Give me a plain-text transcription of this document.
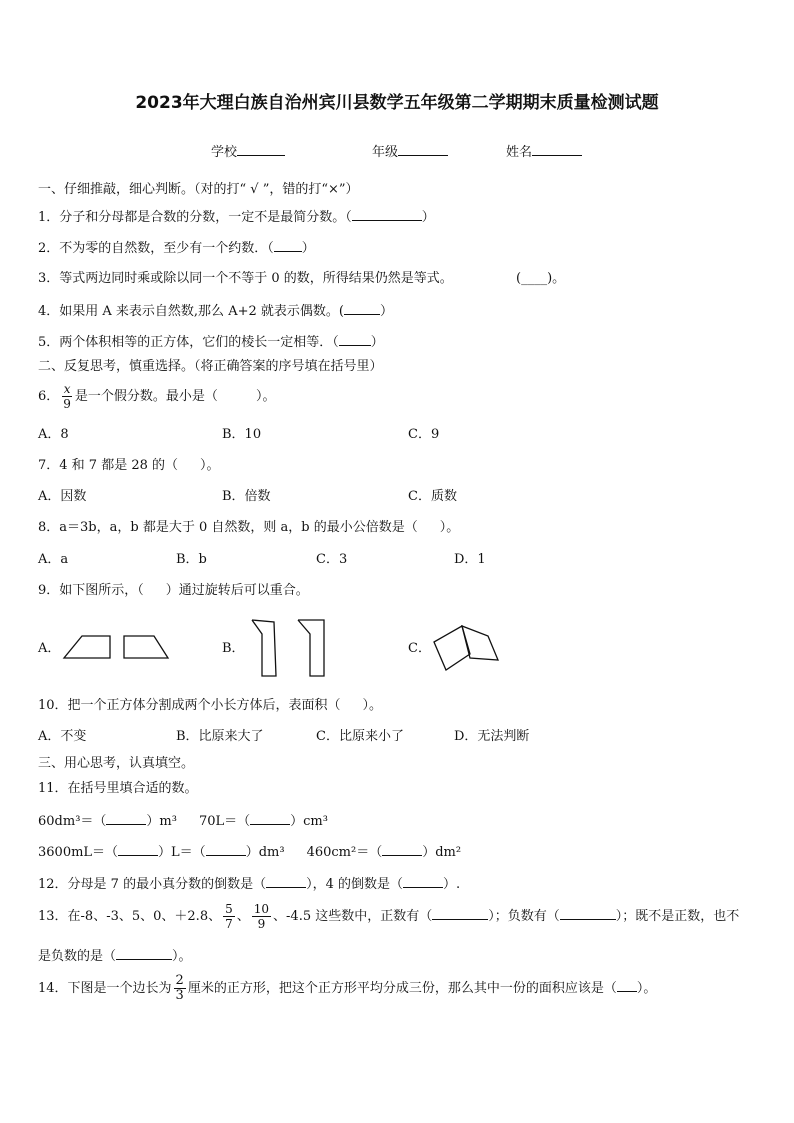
2023年大理白族自治州宾川县数学五年级第二学期期末质量检测试题
学校	年级	姓名
一、仔细推敲，细心判断。（对的打“ √ ”，错的打“×”）
1．分子和分母都是合数的分数，一定不是最简分数。（	）
2．不为零的自然数，至少有一个约数．（ ）
3．等式两边同时乘或除以同一个不等于 0 的数，所得结果仍然是等式。	(____)。
4．如果用 A 来表示自然数,那么 A+2 就表示偶数。(	）
5．两个体积相等的正方体，它们的棱长一定相等．（ ）
二、反复思考，慎重选择。（将正确答案的序号填在括号里）
6． $\frac{x}{9}$ 是一个假分数。最小是（	）。
A．8	B．10	C．9
7．4 和 7 都是 28 的（ ）。
A．因数	B．倍数	C．质数
8．a＝3b，a，b 都是大于 0 自然数，则 a，b 的最小公倍数是（ ）。
A．a	B．b	C．3	D．1
9．如下图所示，（ ）通过旋转后可以重合。
A．	B．	C．
10．把一个正方体分割成两个小长方体后，表面积（ ）。
A．不变	B．比原来大了	C．比原来小了	D．无法判断
三、用心思考，认真填空。
11．在括号里填合适的数。
60dm³＝（	）m³ 70L＝（	）cm³
3600mL＝（	）L＝（	）dm³ 460cm²＝（	）dm²
12．分母是 7 的最小真分数的倒数是（	），4 的倒数是（	）.
13．在-8、-3、5、0、＋2.8、 $\frac{5}{7}$ 、 $\frac{10}{9}$ 、-4.5 这些数中，正数有（	）；负数有（	）；既不是正数，也不
是负数的是（	）。
14．下图是一个边长为 $\frac{2}{3}$ 厘米的正方形，把这个正方形平均分成三份，那么其中一份的面积应该是（ ）。
